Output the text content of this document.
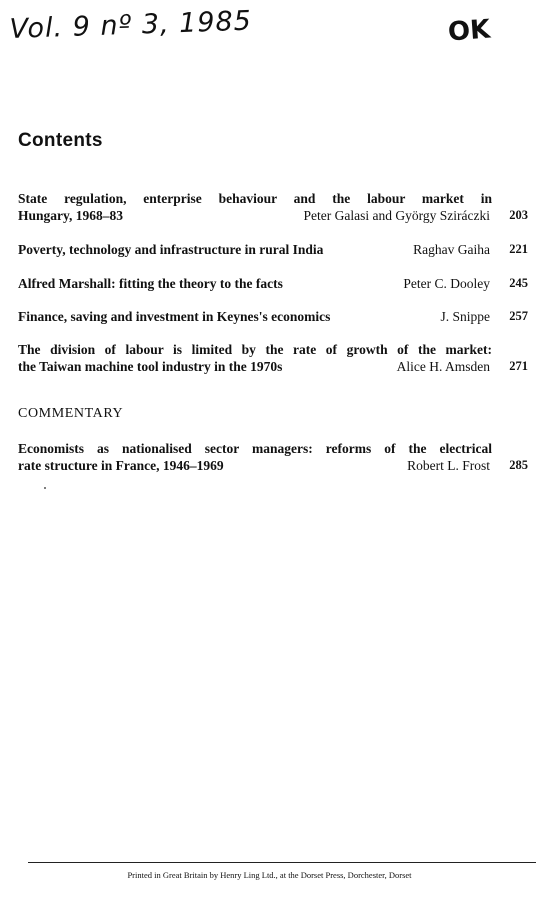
Vol. 9 nº 3, 1985	OK
Contents
State regulation, enterprise behaviour and the labour market in
Hungary, 1968–83	Peter Galasi and György Sziráczki 203
Poverty, technology and infrastructure in rural India	Raghav Gaiha 221
Alfred Marshall: fitting the theory to the facts	Peter C. Dooley 245
Finance, saving and investment in Keynes's economics	J. Snippe 257
The division of labour is limited by the rate of growth of the market:
the Taiwan machine tool industry in the 1970s	Alice H. Amsden 271
COMMENTARY
Economists as nationalised sector managers: reforms of the electrical
rate structure in France, 1946–1969	Robert L. Frost 285
Printed in Great Britain by Henry Ling Ltd., at the Dorset Press, Dorchester, Dorset
